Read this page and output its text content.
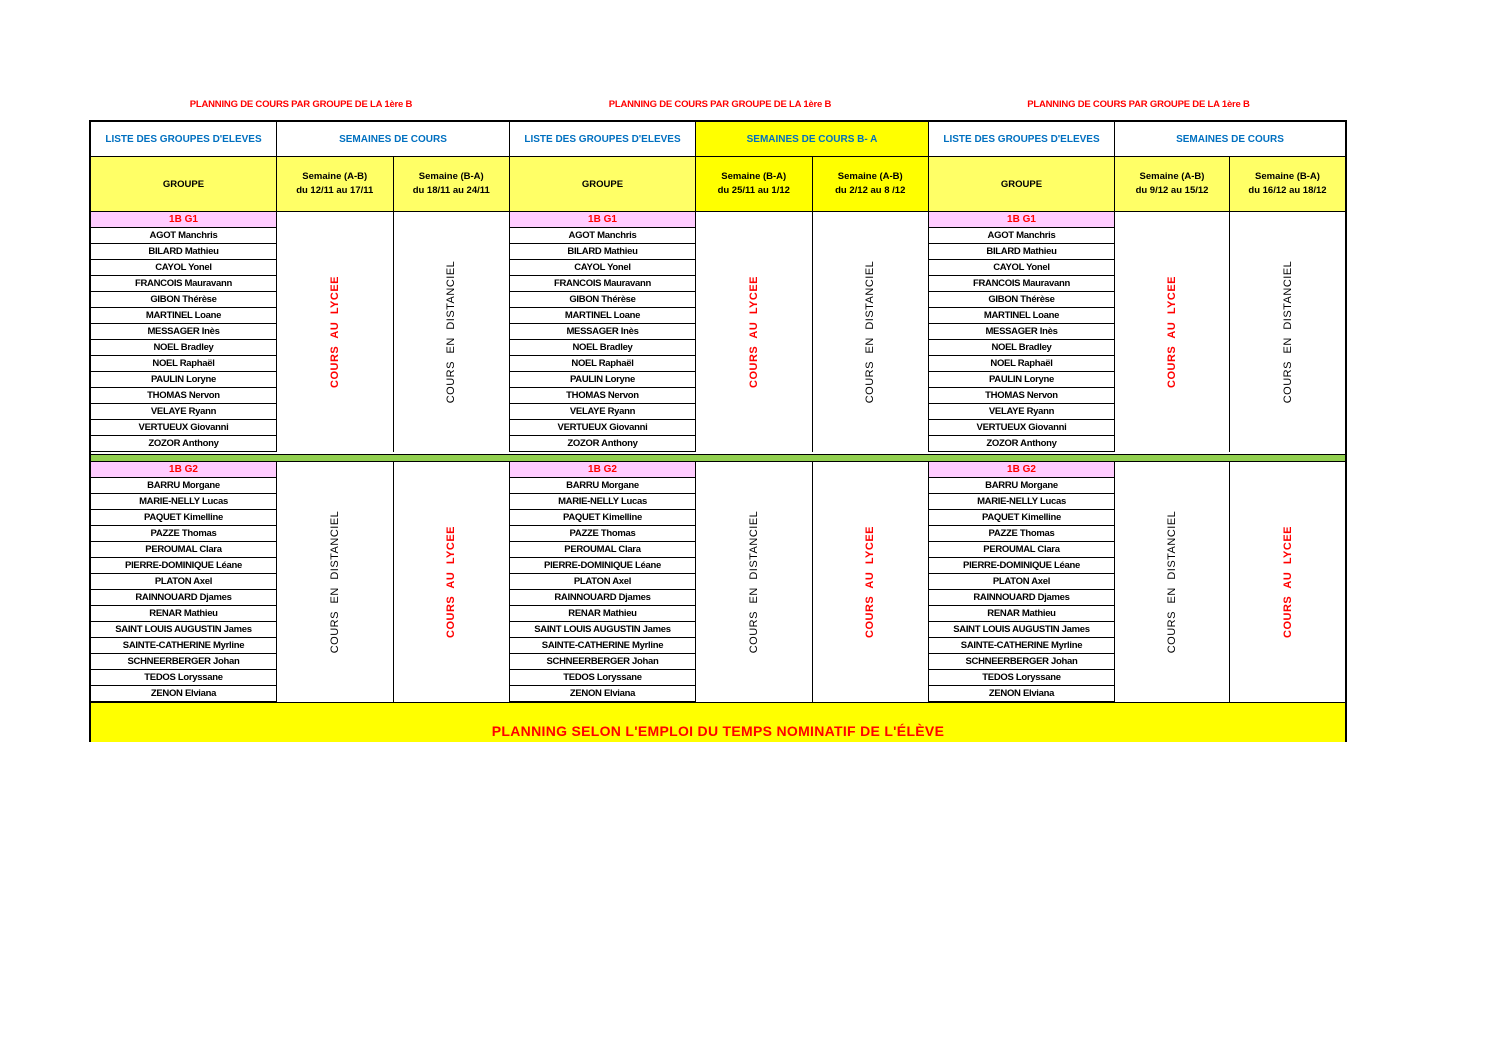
PLANNING DE COURS PAR GROUPE DE LA 1ère B	PLANNING DE COURS PAR GROUPE DE LA 1ère B	PLANNING DE COURS PAR GROUPE DE LA 1ère B
PLANNING SELON L'EMPLOI DU TEMPS NOMINATIF DE L'ÉLÈVE
LISTE DES GROUPES D'ELEVES	SEMAINES DE COURS
GROUPE
Semaine (A-B)
du 12/11 au 17/11
Semaine (B-A)
du 18/11 au 24/11
1B G1
AGOT Manchris
BILARD Mathieu
CAYOL Yonel
FRANCOIS Mauravann
GIBON Thérèse
MARTINEL Loane
MESSAGER Inès
NOEL Bradley
NOEL Raphaël
PAULIN Loryne
THOMAS Nervon
VELAYE Ryann
VERTUEUX Giovanni
ZOZOR Anthony
COURS AU LYCEE	COURS EN DISTANCIEL
1B G2
BARRU Morgane
MARIE-NELLY Lucas
PAQUET Kimelline
PAZZE Thomas
PEROUMAL Clara
PIERRE-DOMINIQUE Léane
PLATON Axel
RAINNOUARD Djames
RENAR Mathieu
SAINT LOUIS AUGUSTIN James
SAINTE-CATHERINE Myrline
SCHNEERBERGER Johan
TEDOS Loryssane
ZENON Elviana
COURS EN DISTANCIEL	COURS AU LYCEE
LISTE DES GROUPES D'ELEVES	SEMAINES DE COURS B- A
GROUPE
Semaine (B-A)
du 25/11 au 1/12
Semaine (A-B)
du 2/12 au 8 /12
1B G1
AGOT Manchris
BILARD Mathieu
CAYOL Yonel
FRANCOIS Mauravann
GIBON Thérèse
MARTINEL Loane
MESSAGER Inès
NOEL Bradley
NOEL Raphaël
PAULIN Loryne
THOMAS Nervon
VELAYE Ryann
VERTUEUX Giovanni
ZOZOR Anthony
COURS AU LYCEE	COURS EN DISTANCIEL
1B G2
BARRU Morgane
MARIE-NELLY Lucas
PAQUET Kimelline
PAZZE Thomas
PEROUMAL Clara
PIERRE-DOMINIQUE Léane
PLATON Axel
RAINNOUARD Djames
RENAR Mathieu
SAINT LOUIS AUGUSTIN James
SAINTE-CATHERINE Myrline
SCHNEERBERGER Johan
TEDOS Loryssane
ZENON Elviana
COURS EN DISTANCIEL	COURS AU LYCEE
LISTE DES GROUPES D'ELEVES	SEMAINES DE COURS
GROUPE
Semaine (A-B)
du 9/12 au 15/12
Semaine (B-A)
du 16/12 au 18/12
1B G1
AGOT Manchris
BILARD Mathieu
CAYOL Yonel
FRANCOIS Mauravann
GIBON Thérèse
MARTINEL Loane
MESSAGER Inès
NOEL Bradley
NOEL Raphaël
PAULIN Loryne
THOMAS Nervon
VELAYE Ryann
VERTUEUX Giovanni
ZOZOR Anthony
COURS AU LYCEE	COURS EN DISTANCIEL
1B G2
BARRU Morgane
MARIE-NELLY Lucas
PAQUET Kimelline
PAZZE Thomas
PEROUMAL Clara
PIERRE-DOMINIQUE Léane
PLATON Axel
RAINNOUARD Djames
RENAR Mathieu
SAINT LOUIS AUGUSTIN James
SAINTE-CATHERINE Myrline
SCHNEERBERGER Johan
TEDOS Loryssane
ZENON Elviana
COURS EN DISTANCIEL	COURS AU LYCEE
